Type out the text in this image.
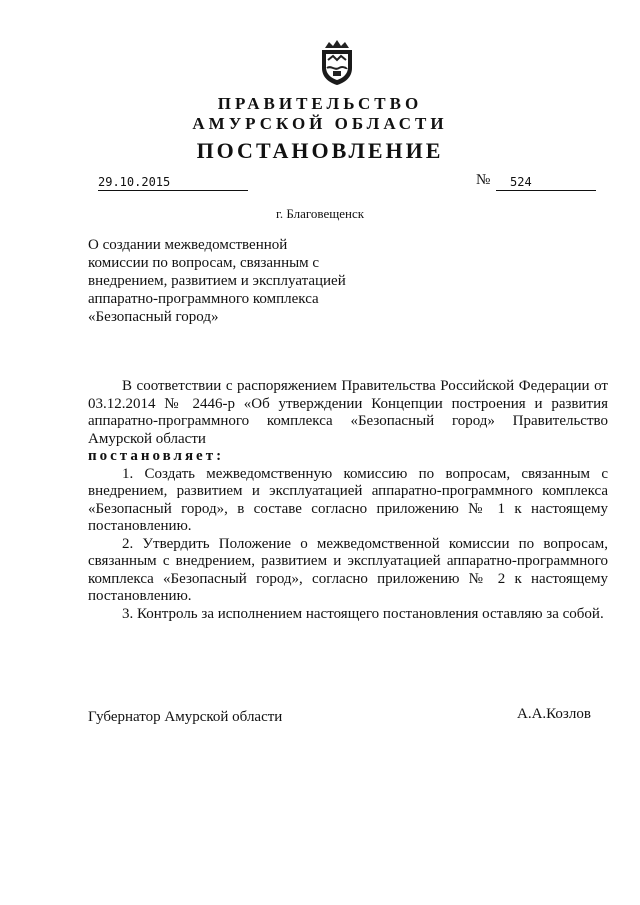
ПРАВИТЕЛЬСТВО
АМУРСКОЙ ОБЛАСТИ
ПОСТАНОВЛЕНИЕ
29.10.2015	№	524
г. Благовещенск
О создании межведомственной комиссии по вопросам, связанным с внедрением, развитием и эксплуатацией аппаратно-программного комплекса «Безопасный город»

В соответствии с распоряжением Правительства Российской Федерации от 03.12.2014 № 2446-р «Об утверждении Концепции построения и развития аппаратно-программного комплекса «Безопасный город» Правительство Амурской области

постановляет:

1. Создать межведомственную комиссию по вопросам, связанным с внедрением, развитием и эксплуатацией аппаратно-программного комплекса «Безопасный город», в составе согласно приложению № 1 к настоящему постановлению.

2. Утвердить Положение о межведомственной комиссии по вопросам, связанным с внедрением, развитием и эксплуатацией аппаратно-программного комплекса «Безопасный город», согласно приложению № 2 к настоящему постановлению.

3. Контроль за исполнением настоящего постановления оставляю за собой.

Губернатор Амурской области	А.А.Козлов
